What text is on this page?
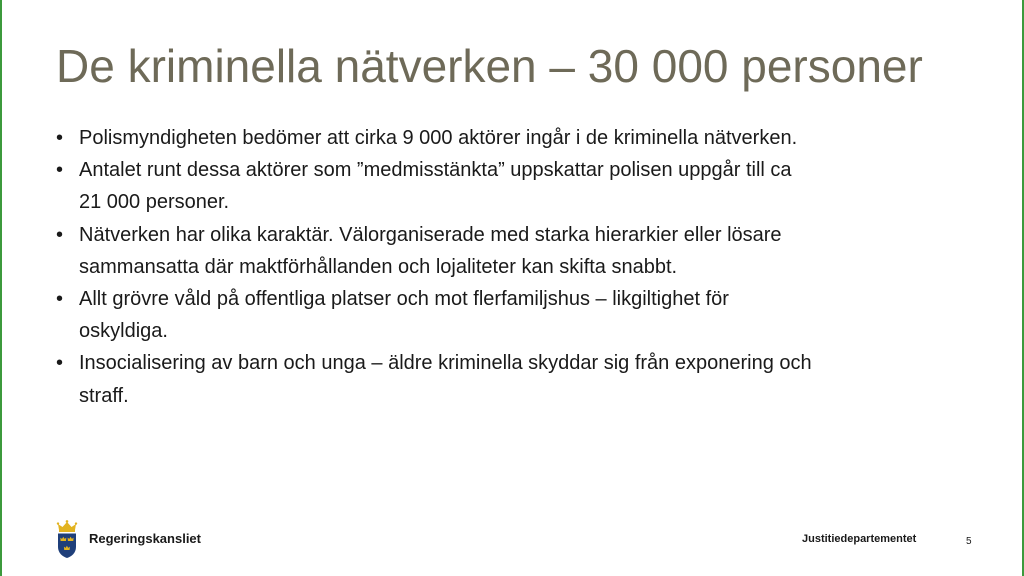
De kriminella nätverken – 30 000 personer
• Polismyndigheten bedömer att cirka 9 000 aktörer ingår i de kriminella nätverken.
• Antalet runt dessa aktörer som ”medmisstänkta” uppskattar polisen uppgår till ca 21 000 personer.
• Nätverken har olika karaktär. Välorganiserade med starka hierarkier eller lösare sammansatta där maktförhållanden och lojaliteter kan skifta snabbt.
• Allt grövre våld på offentliga platser och mot flerfamiljshus – likgiltighet för oskyldiga.
• Insocialisering av barn och unga – äldre kriminella skyddar sig från exponering och straff.
Regeringskansliet	Justitiedepartementet	5
